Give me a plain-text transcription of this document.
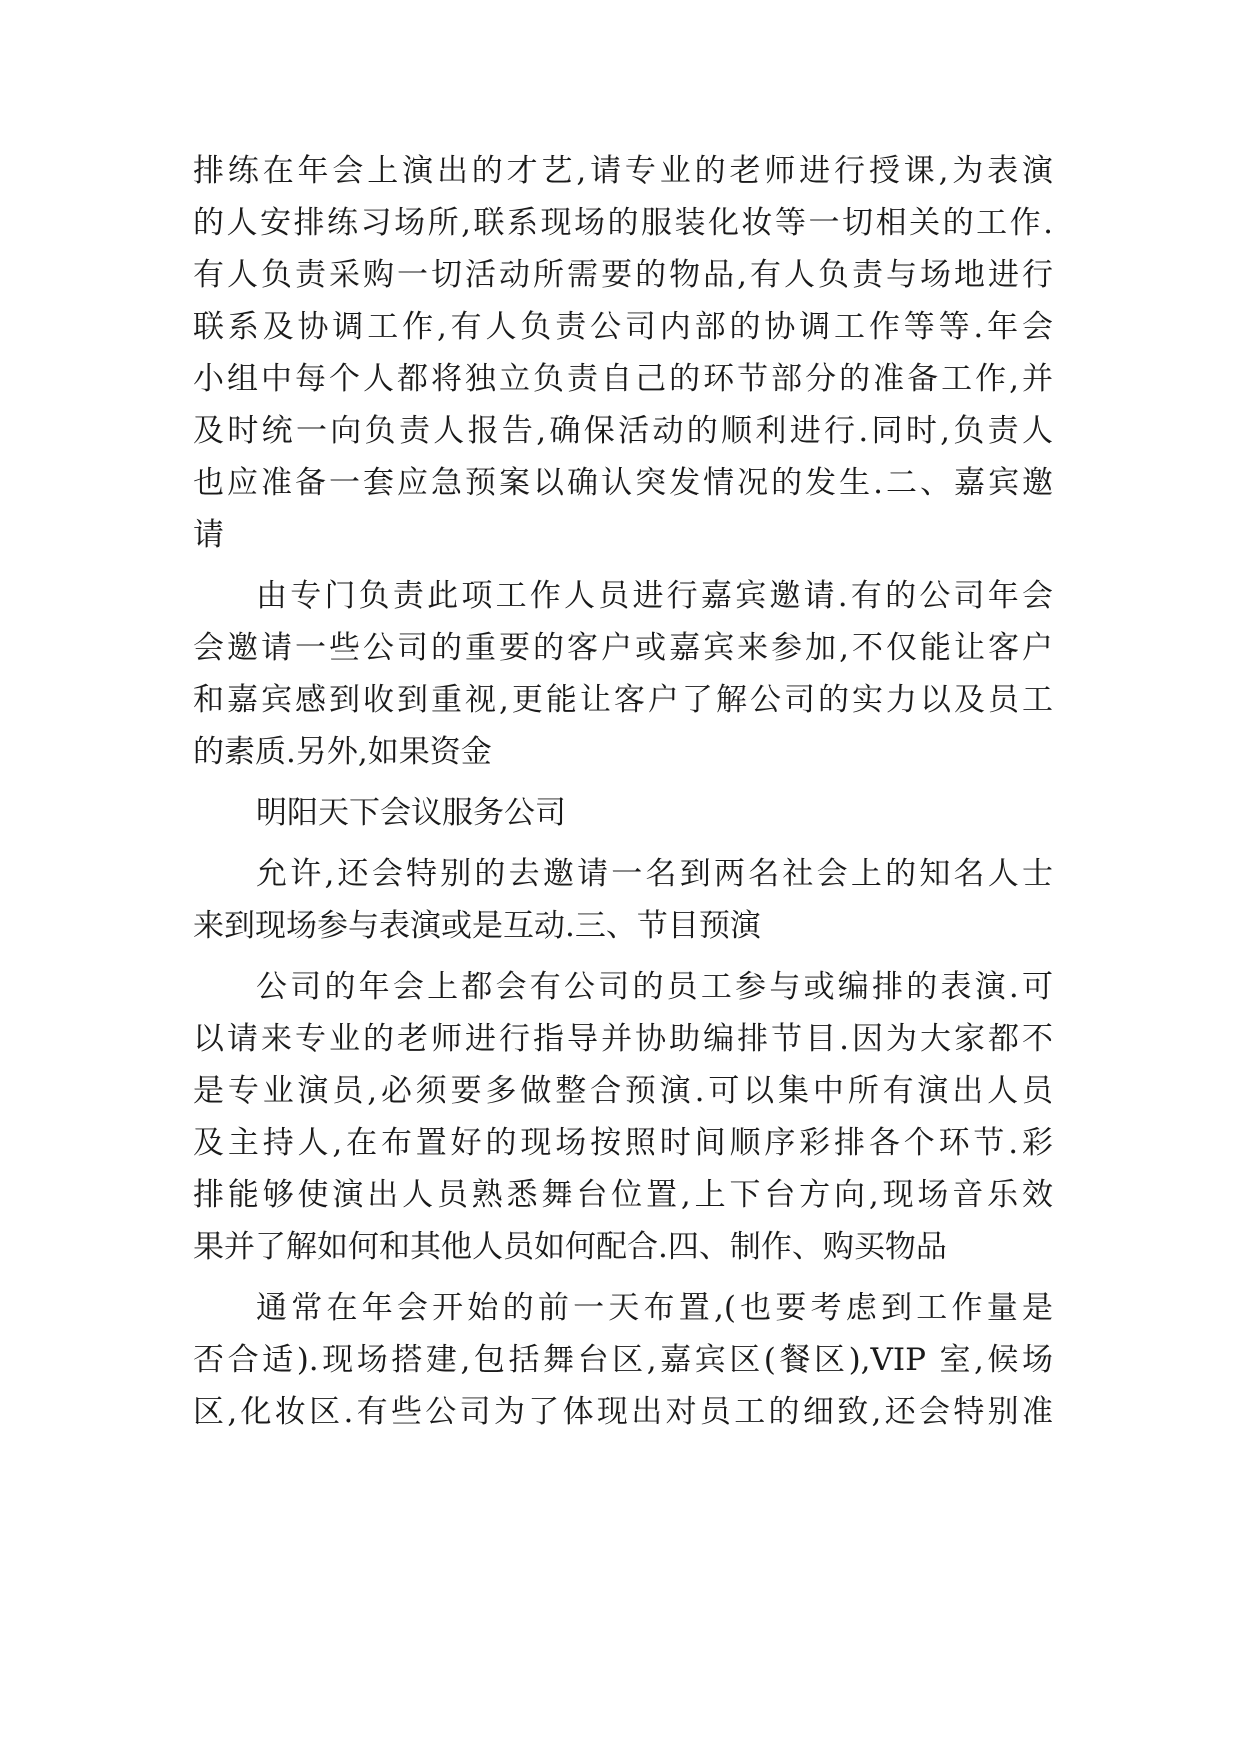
排练在年会上演出的才艺,请专业的老师进行授课,为表演
的人安排练习场所,联系现场的服装化妆等一切相关的工作.
有人负责采购一切活动所需要的物品,有人负责与场地进行
联系及协调工作,有人负责公司内部的协调工作等等.年会
小组中每个人都将独立负责自己的环节部分的准备工作,并
及时统一向负责人报告,确保活动的顺利进行.同时,负责人
也应准备一套应急预案以确认突发情况的发生.二、嘉宾邀
请
由专门负责此项工作人员进行嘉宾邀请.有的公司年会
会邀请一些公司的重要的客户或嘉宾来参加,不仅能让客户
和嘉宾感到收到重视,更能让客户了解公司的实力以及员工
的素质.另外,如果资金
明阳天下会议服务公司
允许,还会特别的去邀请一名到两名社会上的知名人士
来到现场参与表演或是互动.三、节目预演
公司的年会上都会有公司的员工参与或编排的表演.可
以请来专业的老师进行指导并协助编排节目.因为大家都不
是专业演员,必须要多做整合预演.可以集中所有演出人员
及主持人,在布置好的现场按照时间顺序彩排各个环节.彩
排能够使演出人员熟悉舞台位置,上下台方向,现场音乐效
果并了解如何和其他人员如何配合.四、制作、购买物品
通常在年会开始的前一天布置,(也要考虑到工作量是
否合适).现场搭建,包括舞台区,嘉宾区(餐区),VIP 室,候场
区,化妆区.有些公司为了体现出对员工的细致,还会特别准
